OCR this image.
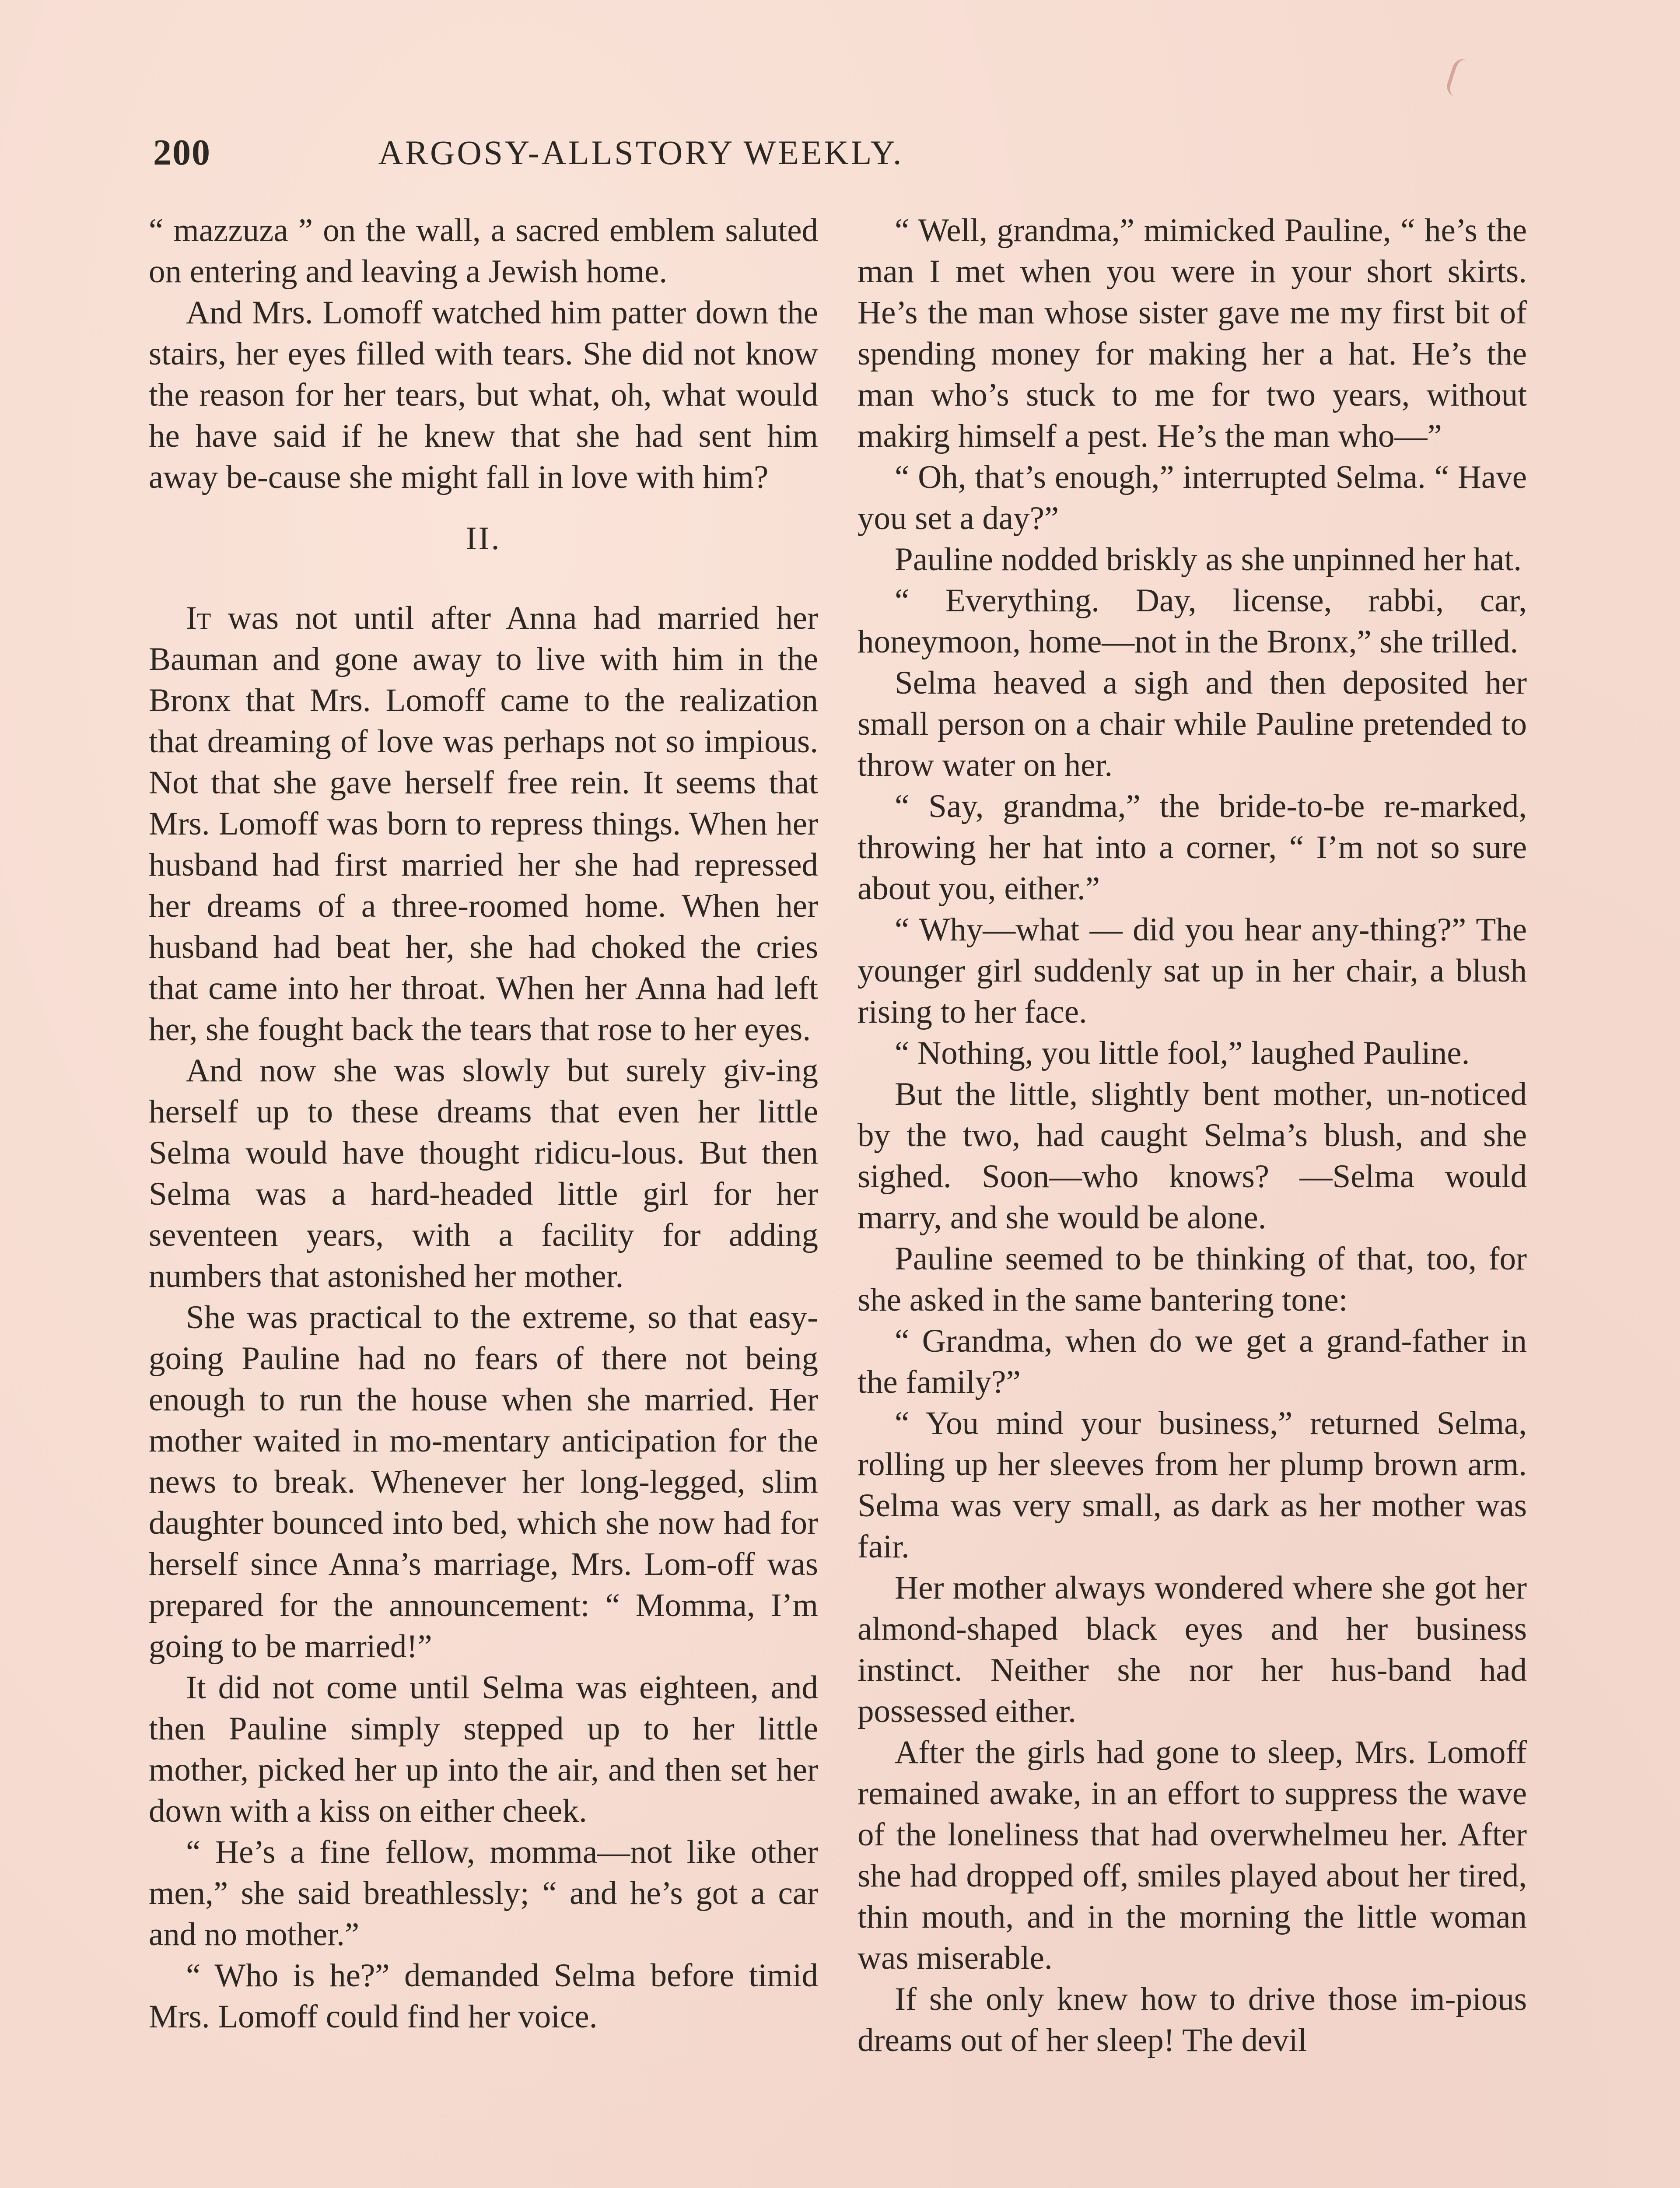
200	ARGOSY-ALLSTORY WEEKLY.

“ mazzuza ” on the wall, a sacred emblem saluted on entering and leaving a Jewish home.

And Mrs. Lomoff watched him patter down the stairs, her eyes filled with tears. She did not know the reason for her tears, but what, oh, what would he have said if he knew that she had sent him away be-cause she might fall in love with him?

II.

It was not until after Anna had married her Bauman and gone away to live with him in the Bronx that Mrs. Lomoff came to the realization that dreaming of love was perhaps not so impious. Not that she gave herself free rein. It seems that Mrs. Lomoff was born to repress things. When her husband had first married her she had repressed her dreams of a three-roomed home. When her husband had beat her, she had choked the cries that came into her throat. When her Anna had left her, she fought back the tears that rose to her eyes.

And now she was slowly but surely giv-ing herself up to these dreams that even her little Selma would have thought ridicu-lous. But then Selma was a hard-headed little girl for her seventeen years, with a facility for adding numbers that astonished her mother.

She was practical to the extreme, so that easy-going Pauline had no fears of there not being enough to run the house when she married. Her mother waited in mo-mentary anticipation for the news to break. Whenever her long-legged, slim daughter bounced into bed, which she now had for herself since Anna’s marriage, Mrs. Lom-off was prepared for the announcement: “ Momma, I’m going to be married!”

It did not come until Selma was eighteen, and then Pauline simply stepped up to her little mother, picked her up into the air, and then set her down with a kiss on either cheek.

“ He’s a fine fellow, momma—not like other men,” she said breathlessly; “ and he’s got a car and no mother.”

“ Who is he?” demanded Selma before timid Mrs. Lomoff could find her voice.

“ Well, grandma,” mimicked Pauline, “ he’s the man I met when you were in your short skirts. He’s the man whose sister gave me my first bit of spending money for making her a hat. He’s the man who’s stuck to me for two years, without makirg himself a pest. He’s the man who—”

“ Oh, that’s enough,” interrupted Selma. “ Have you set a day?”

Pauline nodded briskly as she unpinned her hat.

“ Everything. Day, license, rabbi, car, honeymoon, home—not in the Bronx,” she trilled.

Selma heaved a sigh and then deposited her small person on a chair while Pauline pretended to throw water on her.

“ Say, grandma,” the bride-to-be re-marked, throwing her hat into a corner, “ I’m not so sure about you, either.”

“ Why—what — did you hear any-thing?” The younger girl suddenly sat up in her chair, a blush rising to her face.

“ Nothing, you little fool,” laughed Pauline.

But the little, slightly bent mother, un-noticed by the two, had caught Selma’s blush, and she sighed. Soon—who knows? —Selma would marry, and she would be alone.

Pauline seemed to be thinking of that, too, for she asked in the same bantering tone:

“ Grandma, when do we get a grand-father in the family?”

“ You mind your business,” returned Selma, rolling up her sleeves from her plump brown arm. Selma was very small, as dark as her mother was fair.

Her mother always wondered where she got her almond-shaped black eyes and her business instinct. Neither she nor her hus-band had possessed either.

After the girls had gone to sleep, Mrs. Lomoff remained awake, in an effort to suppress the wave of the loneliness that had overwhelmeu her. After she had dropped off, smiles played about her tired, thin mouth, and in the morning the little woman was miserable.

If she only knew how to drive those im-pious dreams out of her sleep! The devil
